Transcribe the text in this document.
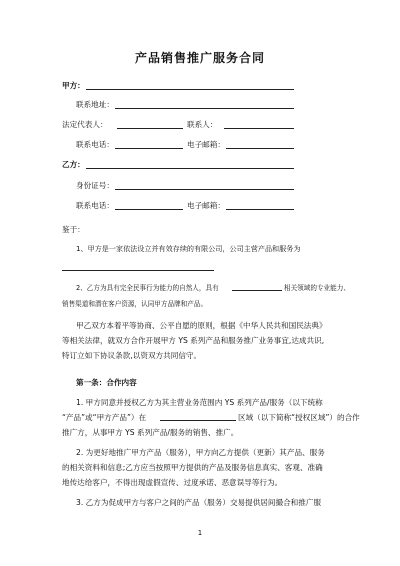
产品销售推广服务合同
甲方：
联系地址：
法定代表人：	联系人：
联系电话：	电子邮箱：
乙方：
身份证号：
联系电话：	电子邮箱：
鉴于：
1、甲方是一家依法设立并有效存续的有限公司，公司主营产品和服务为
2、乙方为具有完全民事行为能力的自然人，具有	相关领域的专业能力、
销售渠道和潜在客户资源，认同甲方品牌和产品。
甲乙双方本着平等协商、公平自愿的原则，根据《中华人民共和国民法典》
等相关法律，就双方合作开展甲方 YS 系列产品和服务推广业务事宜,达成共识,
特订立如下协议条款,以资双方共同信守。
第一条：合作内容
1. 甲方同意并授权乙方为其主营业务范围内 YS 系列产品/服务（以下统称
“产品”或“甲方产品”）在	区域（以下简称“授权区域”）的合作
推广方，从事甲方 YS 系列产品/服务的销售、推广。
2. 为更好地推广甲方产品（服务），甲方向乙方提供（更新）其产品、服务
的相关资料和信息;乙方应当按照甲方提供的产品及服务信息真实、客观、准确
地传达给客户，不得出现虚假宣传、过度承诺、恶意误导等行为。
3. 乙方为促成甲方与客户之间的产品（服务）交易提供居间撮合和推广服
1
